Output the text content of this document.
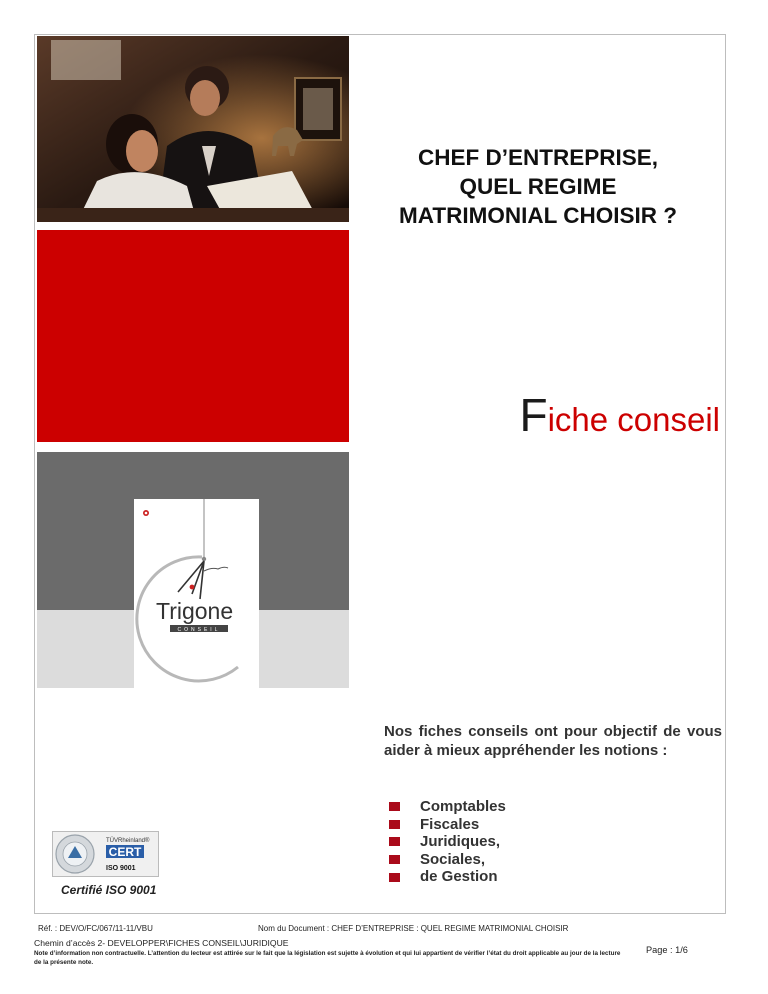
Trigone
CONSEIL
CHEF D’ENTREPRISE,
QUEL REGIME
MATRIMONIAL CHOISIR ?
Fiche conseil
Nos fiches conseils ont pour objectif de vous aider à mieux appréhender les notions :
Comptables
Fiscales
Juridiques,
Sociales,
de Gestion
TÜVRheinland®
CERT
ISO 9001
Certifié ISO 9001
Réf. : DEV/O/FC/067/11-11/VBU	Nom du Document : CHEF D’ENTREPRISE : QUEL REGIME MATRIMONIAL CHOISIR
Chemin d’accès 2- DEVELOPPER\FICHES CONSEIL\JURIDIQUE
Note d’information non contractuelle. L’attention du lecteur est attirée sur le fait que la législation est sujette à évolution et qui lui appartient de vérifier l’état du droit applicable au jour de la lecture de la présente note.
Page : 1/6
